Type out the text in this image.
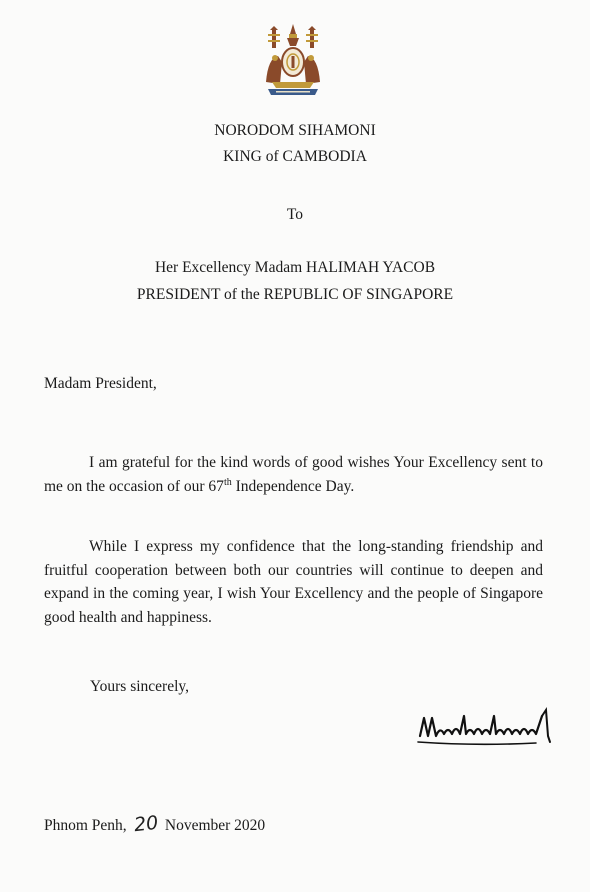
NORODOM SIHAMONI
KING of CAMBODIA
To
Her Excellency Madam HALIMAH YACOB
PRESIDENT of the REPUBLIC OF SINGAPORE
Madam President,
I am grateful for the kind words of good wishes Your Excellency sent to me on the occasion of our 67th Independence Day.
While I express my confidence that the long-standing friendship and fruitful cooperation between both our countries will continue to deepen and expand in the coming year, I wish Your Excellency and the people of Singapore good health and happiness.
Yours sincerely,
Phnom Penh, 20 November 2020
